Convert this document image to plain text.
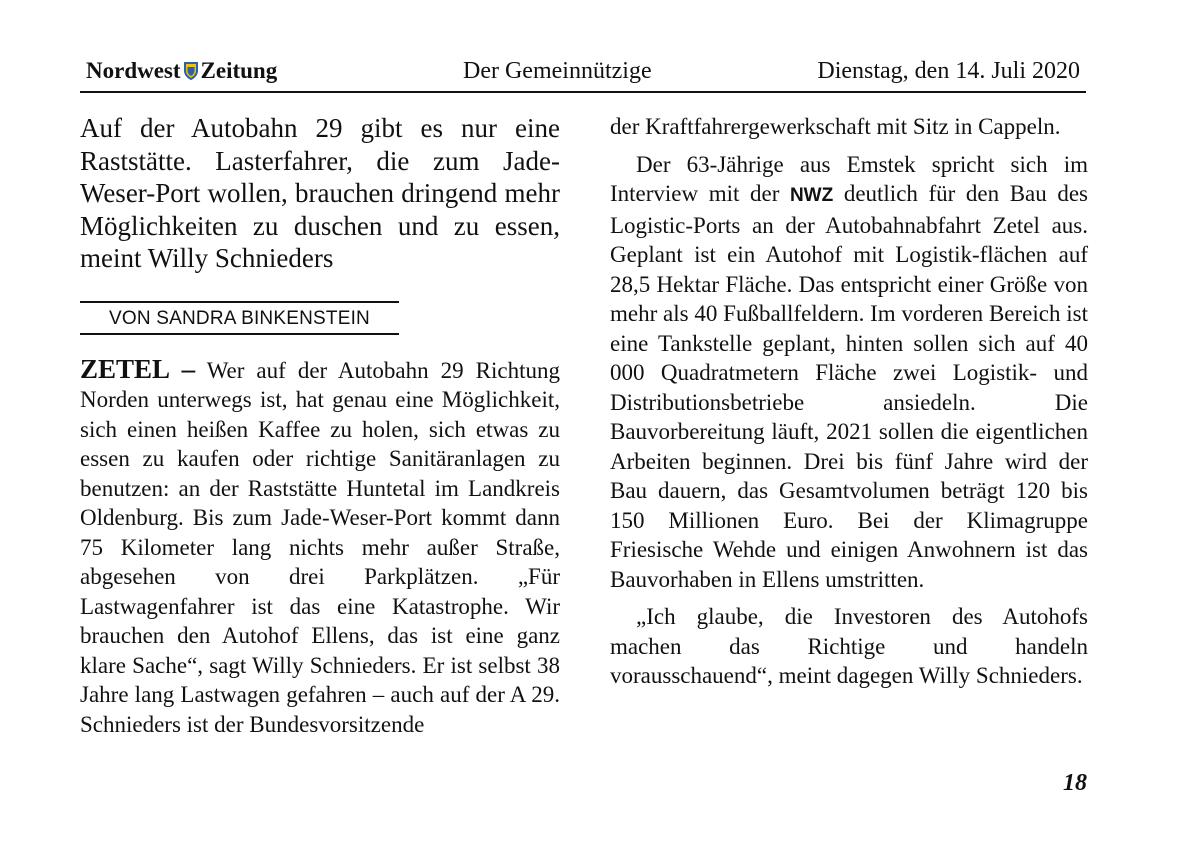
Nordwest Zeitung	Der Gemeinnützige	Dienstag, den 14. Juli 2020

Auf der Autobahn 29 gibt es nur eine Raststätte. Lasterfahrer, die zum Jade-Weser-Port wollen, brauchen dringend mehr Möglichkeiten zu duschen und zu essen, meint Willy Schnieders

VON SANDRA BINKENSTEIN

ZETEL – Wer auf der Autobahn 29 Richtung Norden unterwegs ist, hat genau eine Möglichkeit, sich einen heißen Kaffee zu holen, sich etwas zu essen zu kaufen oder richtige Sanitäranlagen zu benutzen: an der Raststätte Huntetal im Landkreis Oldenburg. Bis zum Jade-Weser-Port kommt dann 75 Kilometer lang nichts mehr außer Straße, abgesehen von drei Parkplätzen. „Für Lastwagenfahrer ist das eine Katastrophe. Wir brauchen den Autohof Ellens, das ist eine ganz klare Sache“, sagt Willy Schnieders. Er ist selbst 38 Jahre lang Lastwagen gefahren – auch auf der A 29. Schnieders ist der Bundesvorsitzende

der Kraftfahrergewerkschaft mit Sitz in Cappeln.

Der 63-Jährige aus Emstek spricht sich im Interview mit der NWZ deutlich für den Bau des Logistic-Ports an der Autobahnabfahrt Zetel aus. Geplant ist ein Autohof mit Logistik-flächen auf 28,5 Hektar Fläche. Das entspricht einer Größe von mehr als 40 Fußballfeldern. Im vorderen Bereich ist eine Tankstelle geplant, hinten sollen sich auf 40 000 Quadratmetern Fläche zwei Logistik- und Distributionsbetriebe ansiedeln. Die Bauvorbereitung läuft, 2021 sollen die eigentlichen Arbeiten beginnen. Drei bis fünf Jahre wird der Bau dauern, das Gesamtvolumen beträgt 120 bis 150 Millionen Euro. Bei der Klimagruppe Friesische Wehde und einigen Anwohnern ist das Bauvorhaben in Ellens umstritten.

„Ich glaube, die Investoren des Autohofs machen das Richtige und handeln vorausschauend“, meint dagegen Willy Schnieders.

18
